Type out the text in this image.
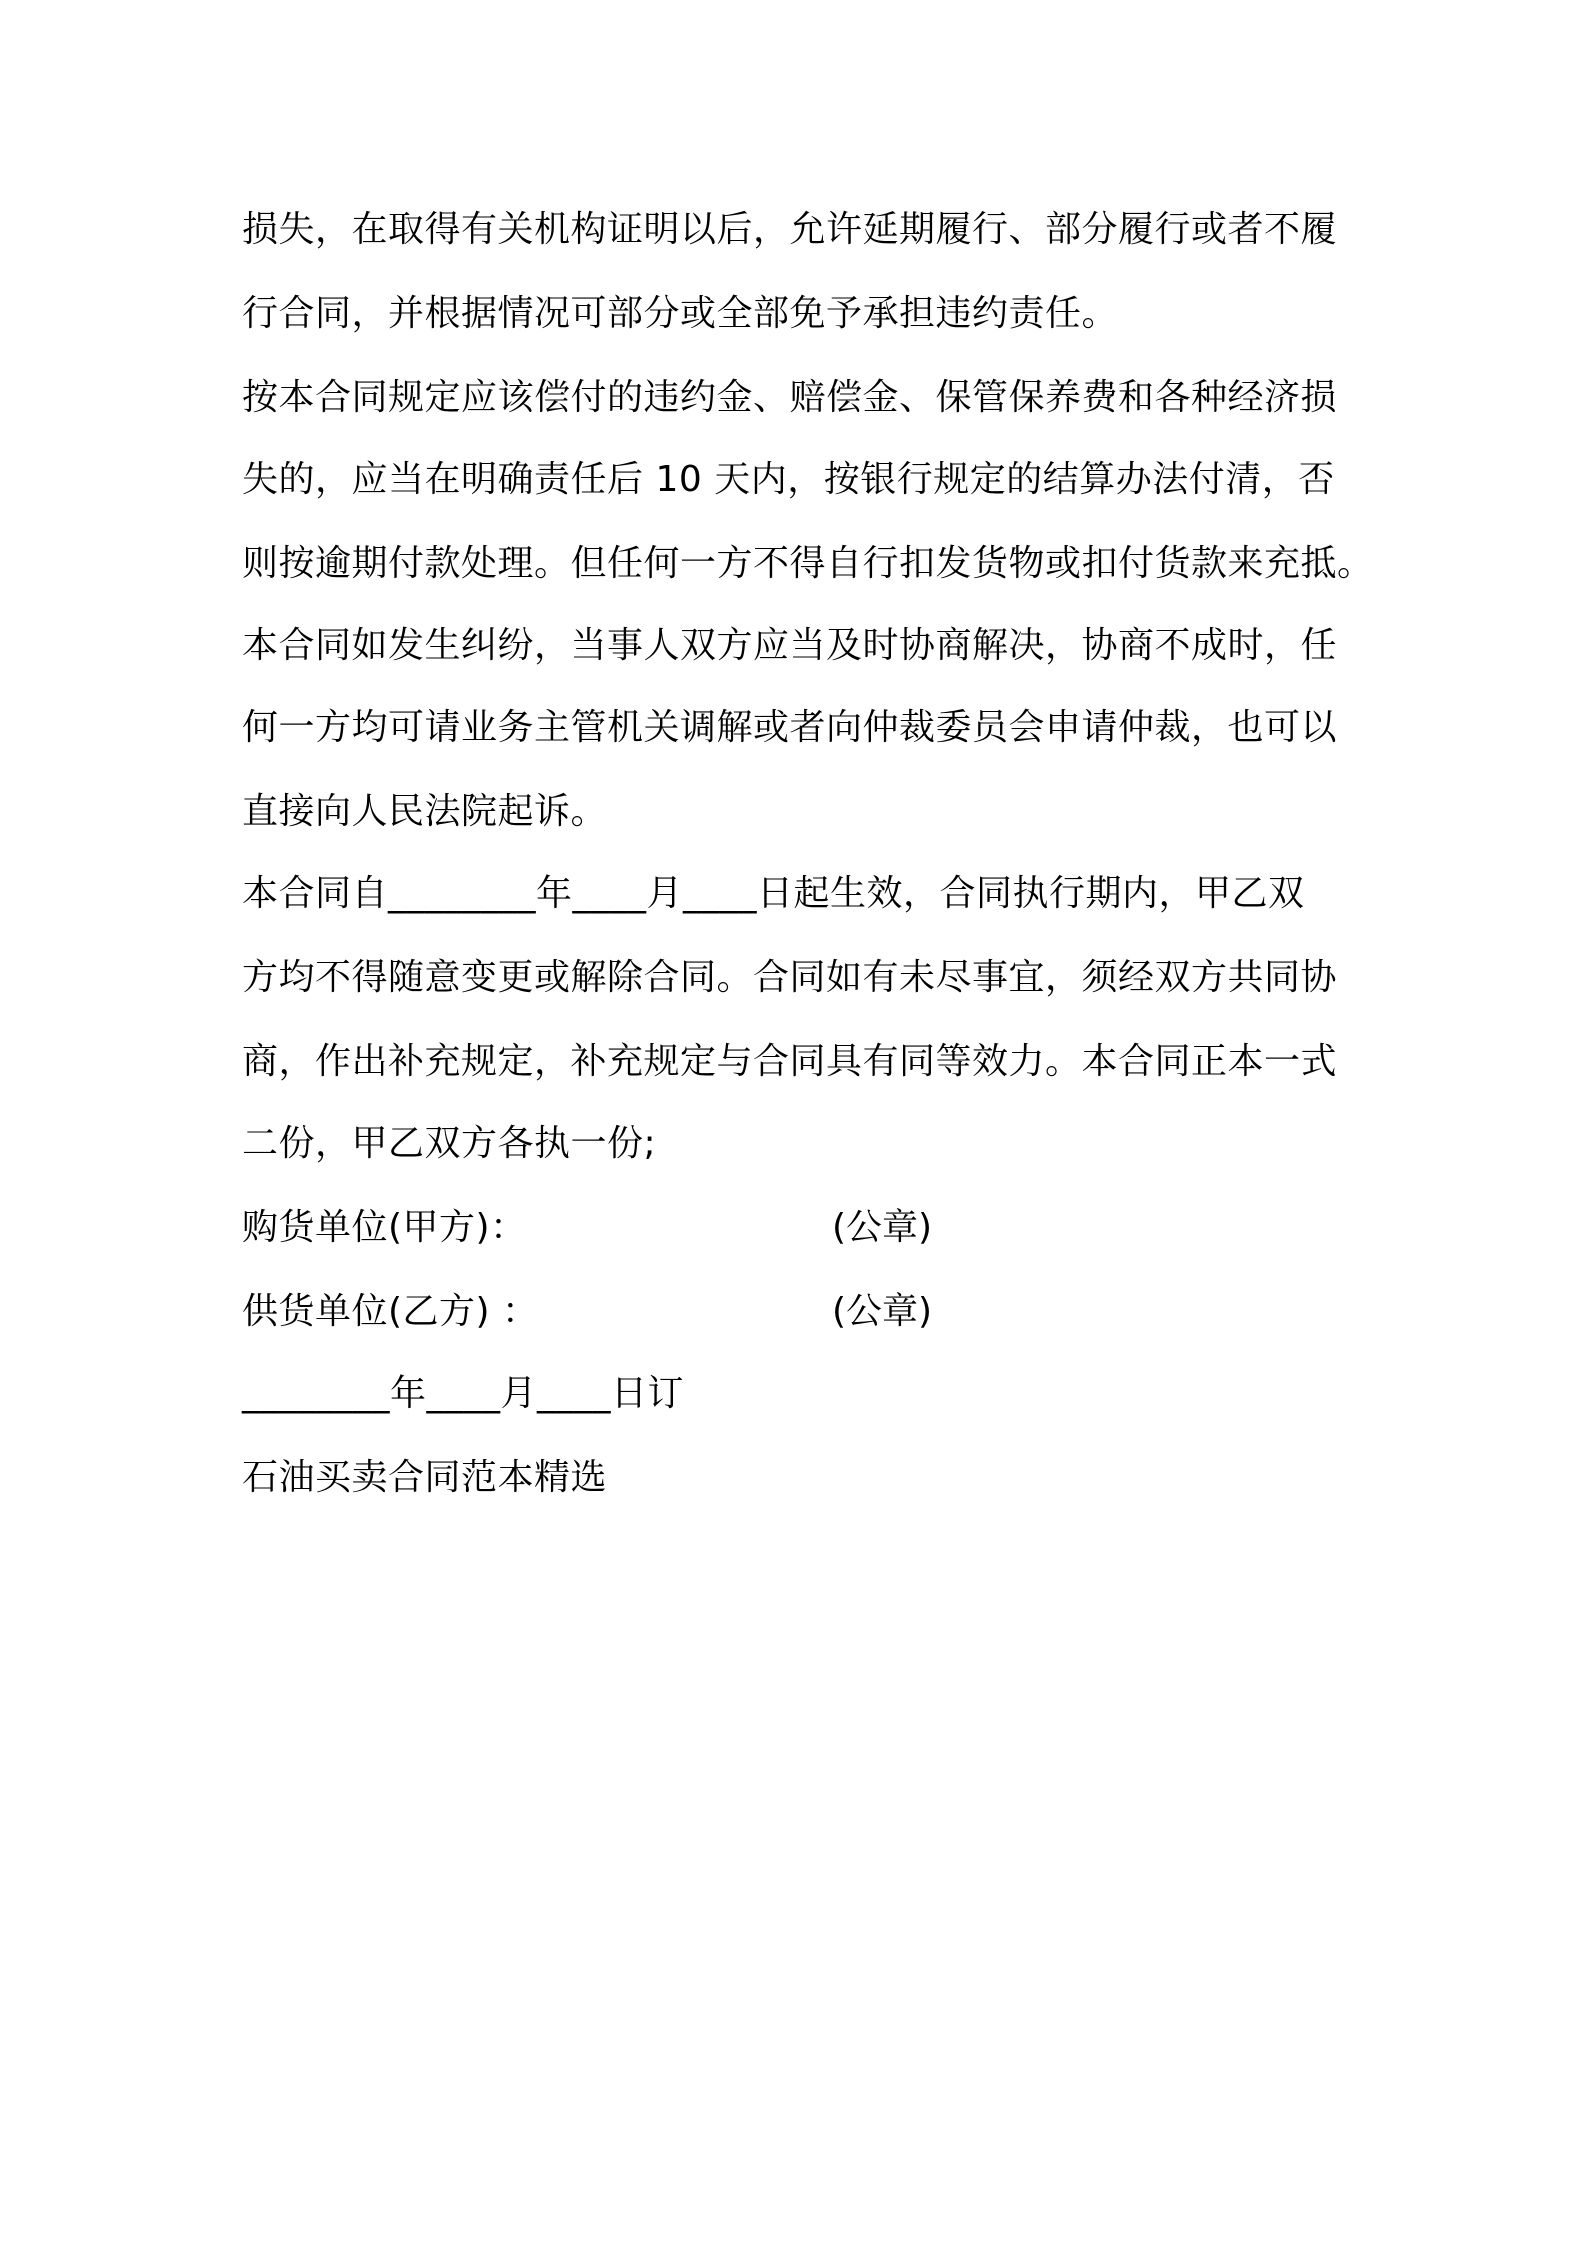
损失，在取得有关机构证明以后，允许延期履行、部分履行或者不履
行合同，并根据情况可部分或全部免予承担违约责任。
按本合同规定应该偿付的违约金、赔偿金、保管保养费和各种经济损
失的，应当在明确责任后 10 天内，按银行规定的结算办法付清，否
则按逾期付款处理。但任何一方不得自行扣发货物或扣付货款来充抵。
本合同如发生纠纷，当事人双方应当及时协商解决，协商不成时，任
何一方均可请业务主管机关调解或者向仲裁委员会申请仲裁，也可以
直接向人民法院起诉。
本合同自________年____月____日起生效，合同执行期内，甲乙双
方均不得随意变更或解除合同。合同如有未尽事宜，须经双方共同协
商，作出补充规定，补充规定与合同具有同等效力。本合同正本一式
二份，甲乙双方各执一份;
购货单位(甲方)：	(公章)
供货单位(乙方) ：	(公章)
________年____月____日订
石油买卖合同范本精选
